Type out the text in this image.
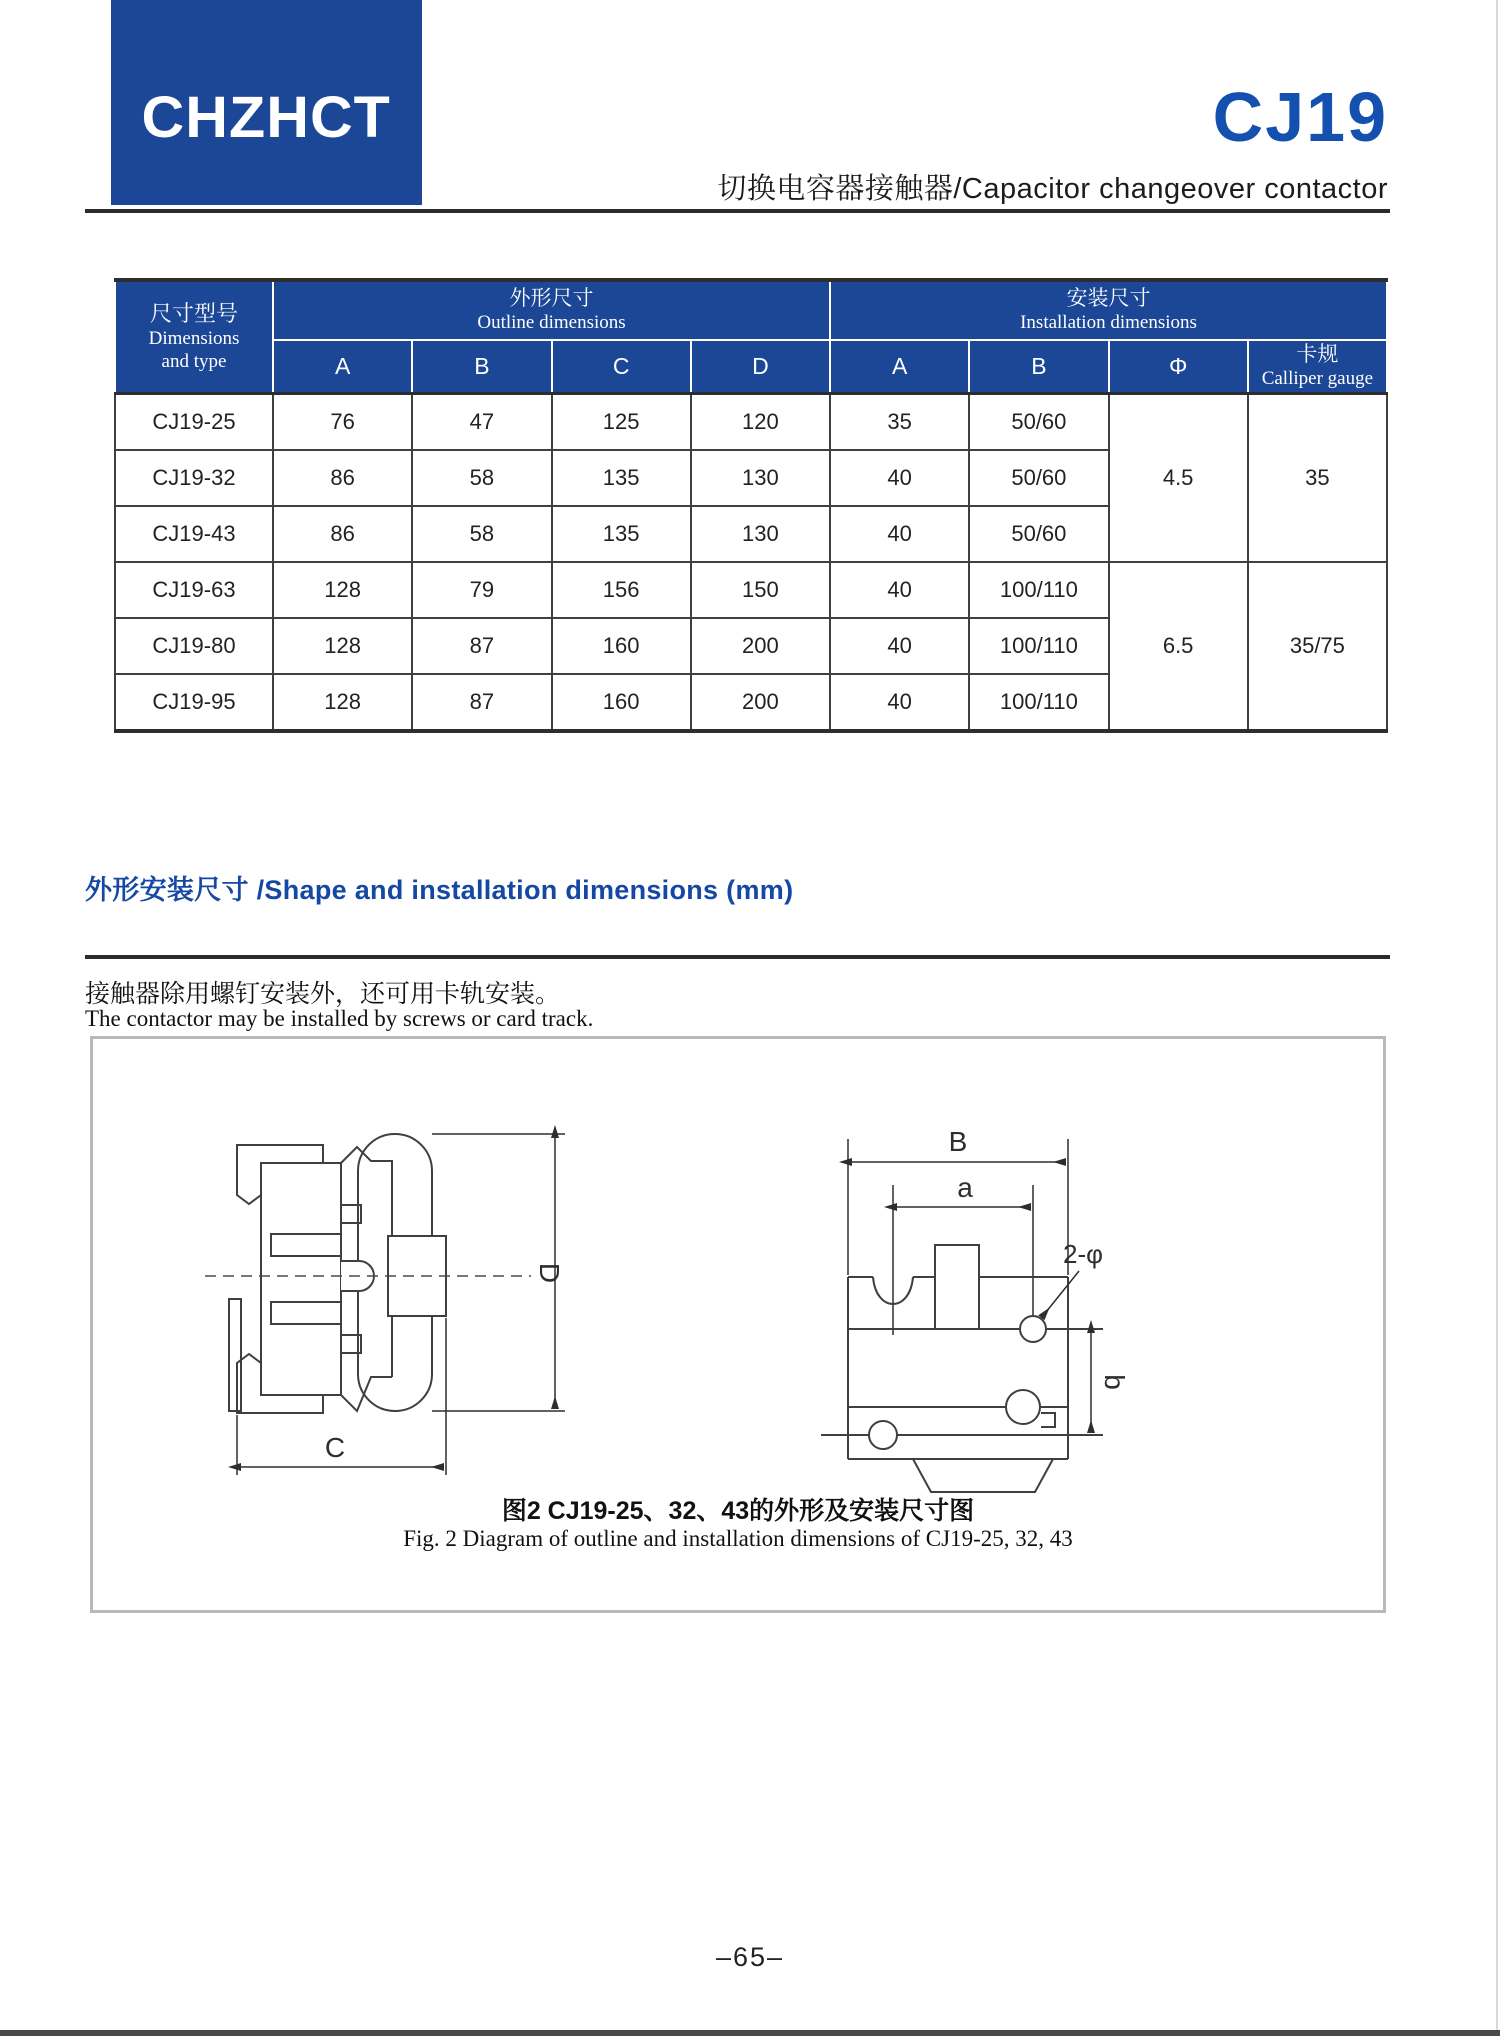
CHZHCT	CJ19
切换电容器接触器/Capacitor changeover contactor
尺寸型号
Dimensions
and type	外形尺寸
Outline dimensions				安装尺寸
Installation dimensions			

	A	B	C	D	A	B	Φ	卡规
Calliper gauge

CJ19-25	76	47	125	120	35	50/60	4.5	35
CJ19-32	86	58	135	130	40	50/60		
CJ19-43	86	58	135	130	40	50/60		
CJ19-63	128	79	156	150	40	100/110	6.5	35/75
CJ19-80	128	87	160	200	40	100/110		
CJ19-95	128	87	160	200	40	100/110		
外形安装尺寸 /Shape and installation dimensions (mm)
接触器除用螺钉安装外，还可用卡轨安装。
The contactor may be installed by screws or card track.
D
C
B
a
2-φ
b
图2 CJ19-25、32、43的外形及安装尺寸图
Fig. 2 Diagram of outline and installation dimensions of CJ19-25, 32, 43
–65–
